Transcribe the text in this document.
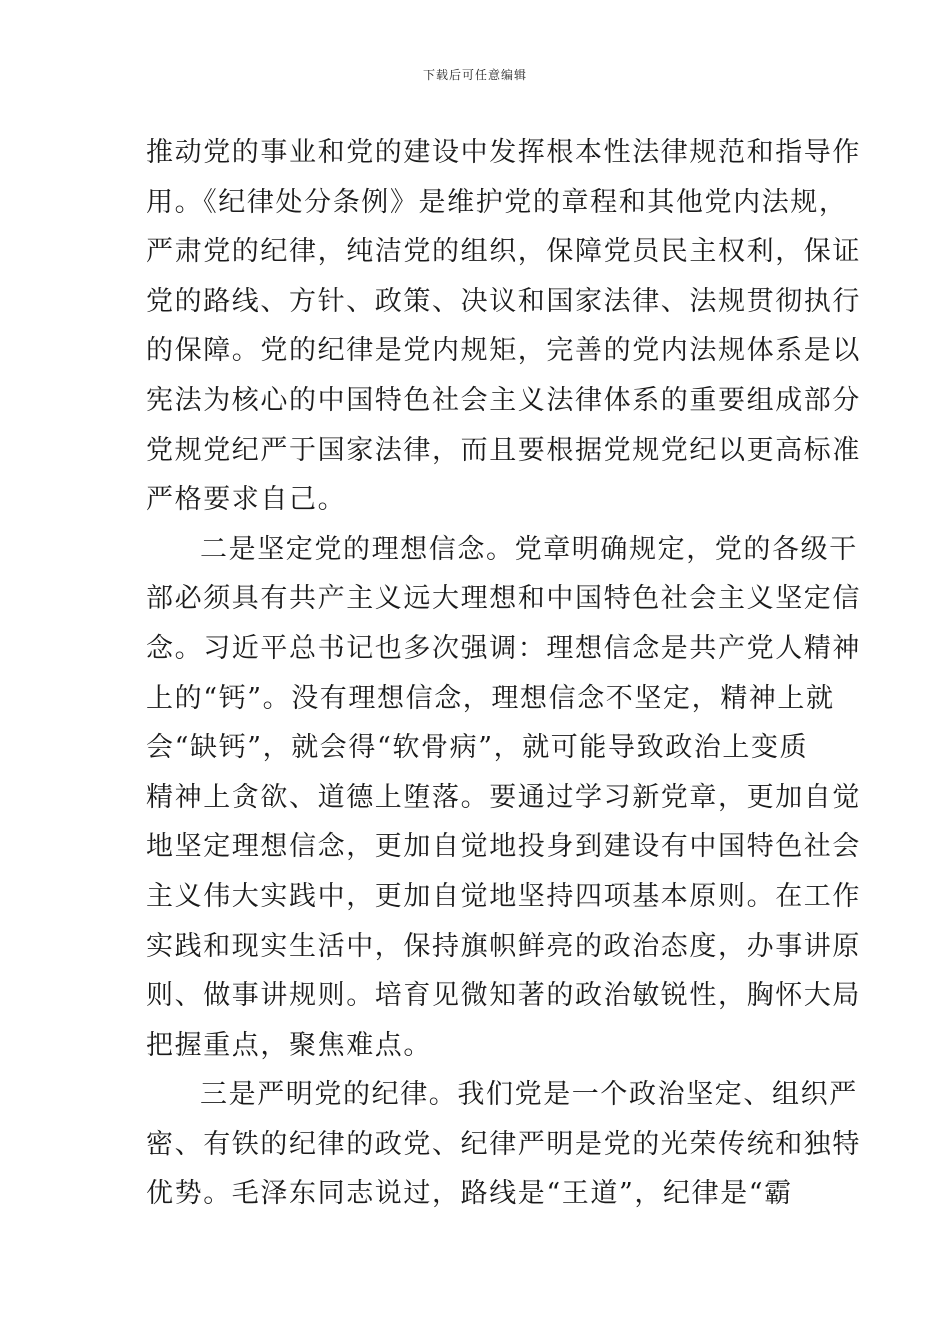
下载后可任意编辑
推动党的事业和党的建设中发挥根本性法律规范和指导作
用。《纪律处分条例》是维护党的章程和其他党内法规，
严肃党的纪律，纯洁党的组织，保障党员民主权利，保证
党的路线、方针、政策、决议和国家法律、法规贯彻执行
的保障。党的纪律是党内规矩，完善的党内法规体系是以
宪法为核心的中国特色社会主义法律体系的重要组成部分
党规党纪严于国家法律，而且要根据党规党纪以更高标准
严格要求自己。
二是坚定党的理想信念。党章明确规定，党的各级干
部必须具有共产主义远大理想和中国特色社会主义坚定信
念。习近平总书记也多次强调：理想信念是共产党人精神
上的“钙”。没有理想信念，理想信念不坚定，精神上就
会“缺钙”，就会得“软骨病”，就可能导致政治上变质
精神上贪欲、道德上堕落。要通过学习新党章，更加自觉
地坚定理想信念，更加自觉地投身到建设有中国特色社会
主义伟大实践中，更加自觉地坚持四项基本原则。在工作
实践和现实生活中，保持旗帜鲜亮的政治态度，办事讲原
则、做事讲规则。培育见微知著的政治敏锐性，胸怀大局
把握重点，聚焦难点。
三是严明党的纪律。我们党是一个政治坚定、组织严
密、有铁的纪律的政党、纪律严明是党的光荣传统和独特
优势。毛泽东同志说过，路线是“王道”，纪律是“霸
